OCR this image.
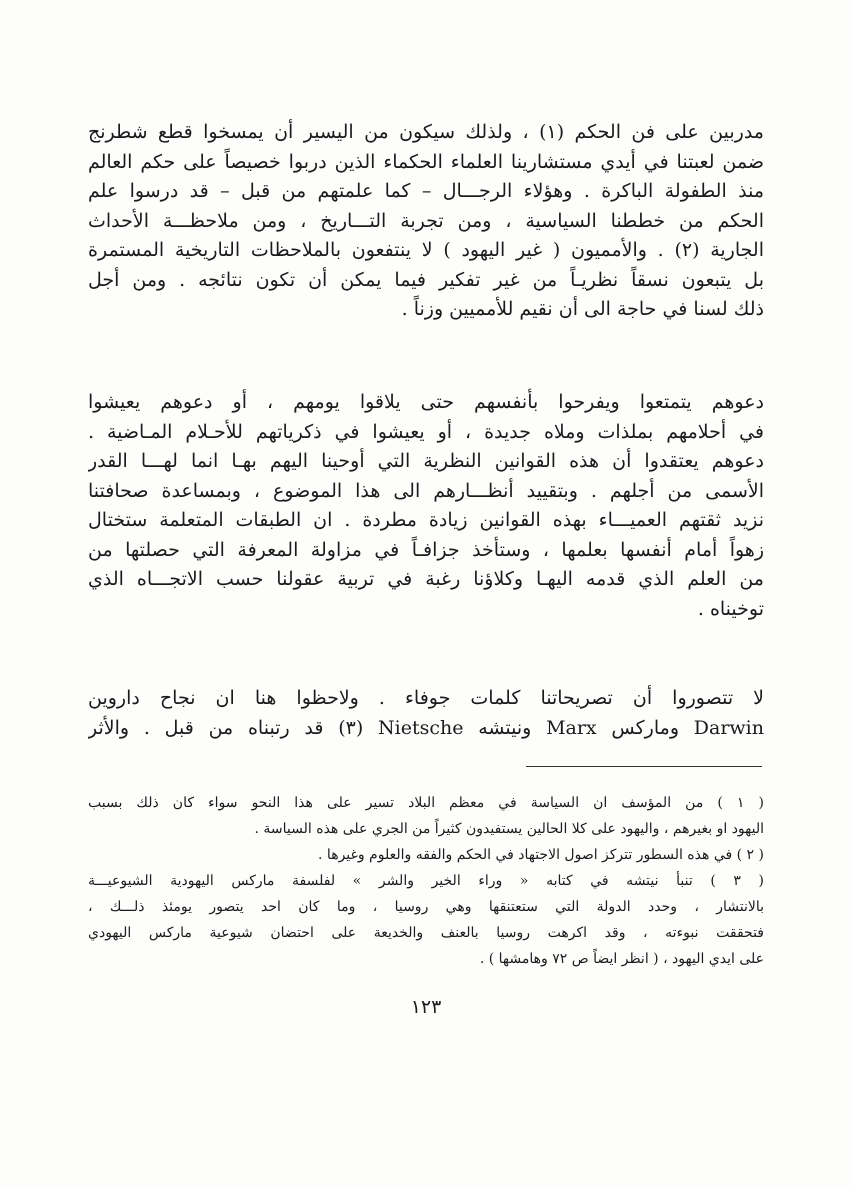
مدربين على فن الحكم (١) ، ولذلك سيكون من اليسير أن يمسخوا قطع شطرنج
ضمن لعبتنا في أيدي مستشارينا العلماء الحكماء الذين دربوا خصيصاً على حكم العالم
منذ الطفولة الباكرة . وهؤلاء الرجـــال – كما علمتهم من قبل – قد درسوا علم
الحكم من خططنا السياسية ، ومن تجربة التـــاريخ ، ومن ملاحظـــة الأحداث
الجارية (٢) . والأمميون ( غير اليهود ) لا ينتفعون بالملاحظات التاريخية المستمرة
بل يتبعون نسقاً نظريـاً من غير تفكير فيما يمكن أن تكون نتائجه . ومن أجل
ذلك لسنا في حاجة الى أن نقيم للأمميين وزناً .
دعوهم يتمتعوا ويفرحوا بأنفسهم حتى يلاقوا يومهم ، أو دعوهم يعيشوا
في أحلامهم بملذات وملاه جديدة ، أو يعيشوا في ذكرياتهم للأحـلام المـاضية .
دعوهم يعتقدوا أن هذه القوانين النظرية التي أوحينا اليهم بهـا انما لهـــا القدر
الأسمى من أجلهم . وبتقييد أنظـــارهم الى هذا الموضوع ، وبمساعدة صحافتنا
نزيد ثقتهم العميـــاء بهذه القوانين زيادة مطردة . ان الطبقات المتعلمة ستختال
زهواً أمام أنفسها بعلمها ، وستأخذ جزافـاً في مزاولة المعرفة التي حصلتها من
من العلم الذي قدمه اليهـا وكلاؤنا رغبة في تربية عقولنا حسب الاتجـــاه الذي
توخيناه .
لا تتصوروا أن تصريحاتنا كلمات جوفاء . ولاحظوا هنا ان نجاح داروين
Darwin وماركس Marx ونيتشه Nietsche (٣) قد رتبناه من قبل . والأثر
( ١ ) من المؤسف ان السياسة في معظم البلاد تسير على هذا النحو سواء كان ذلك بسبب
اليهود او بغيرهم ، واليهود على كلا الحالين يستفيدون كثيراً من الجري على هذه السياسة .
( ٢ ) في هذه السطور تتركز اصول الاجتهاد في الحكم والفقه والعلوم وغيرها .
( ٣ ) تنبأ نيتشه في كتابه « وراء الخير والشر » لفلسفة ماركس اليهودية الشيوعيـــة
بالانتشار ، وحدد الدولة التي ستعتنقها وهي روسيا ، وما كان احد يتصور يومئذ ذلـــك ،
فتحققت نبوءته ، وقد اكرهت روسيا بالعنف والخديعة على احتضان شيوعية ماركس اليهودي
على ايدي اليهود ، ( انظر ايضاً ص ٧٢ وهامشها ) .
١٢٣
